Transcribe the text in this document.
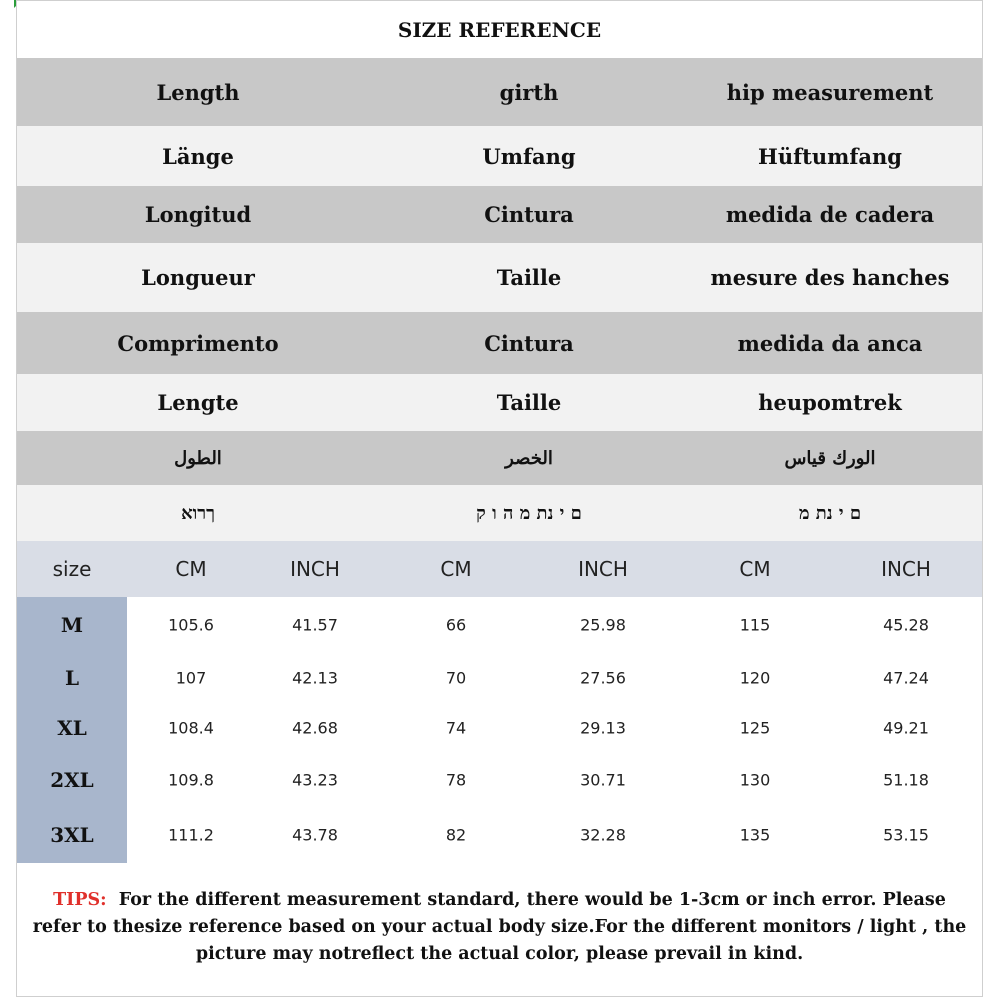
SIZE REFERENCE
Length	girth	hip measurement
Länge	Umfang	Hüftumfang
Longitud	Cintura	medida de cadera
Longueur	Taille	mesure des hanches
Comprimento	Cintura	medida da anca
Lengte	Taille	heupomtrek
الطول	الخصر	الورك قياس
ךרוא	ם י נת מ ה ו ק	ם י נת מ
size	CM	INCH	CM	INCH	CM	INCH
M	105.6	41.57	66	25.98	115	45.28
L	107	42.13	70	27.56	120	47.24
XL	108.4	42.68	74	29.13	125	49.21
2XL	109.8	43.23	78	30.71	130	51.18
3XL	111.2	43.78	82	32.28	135	53.15
TIPS: For the different measurement standard, there would be 1-3cm or inch error. Please refer to thesize reference based on your actual body size.For the different monitors / light , the picture may notreflect the actual color, please prevail in kind.
